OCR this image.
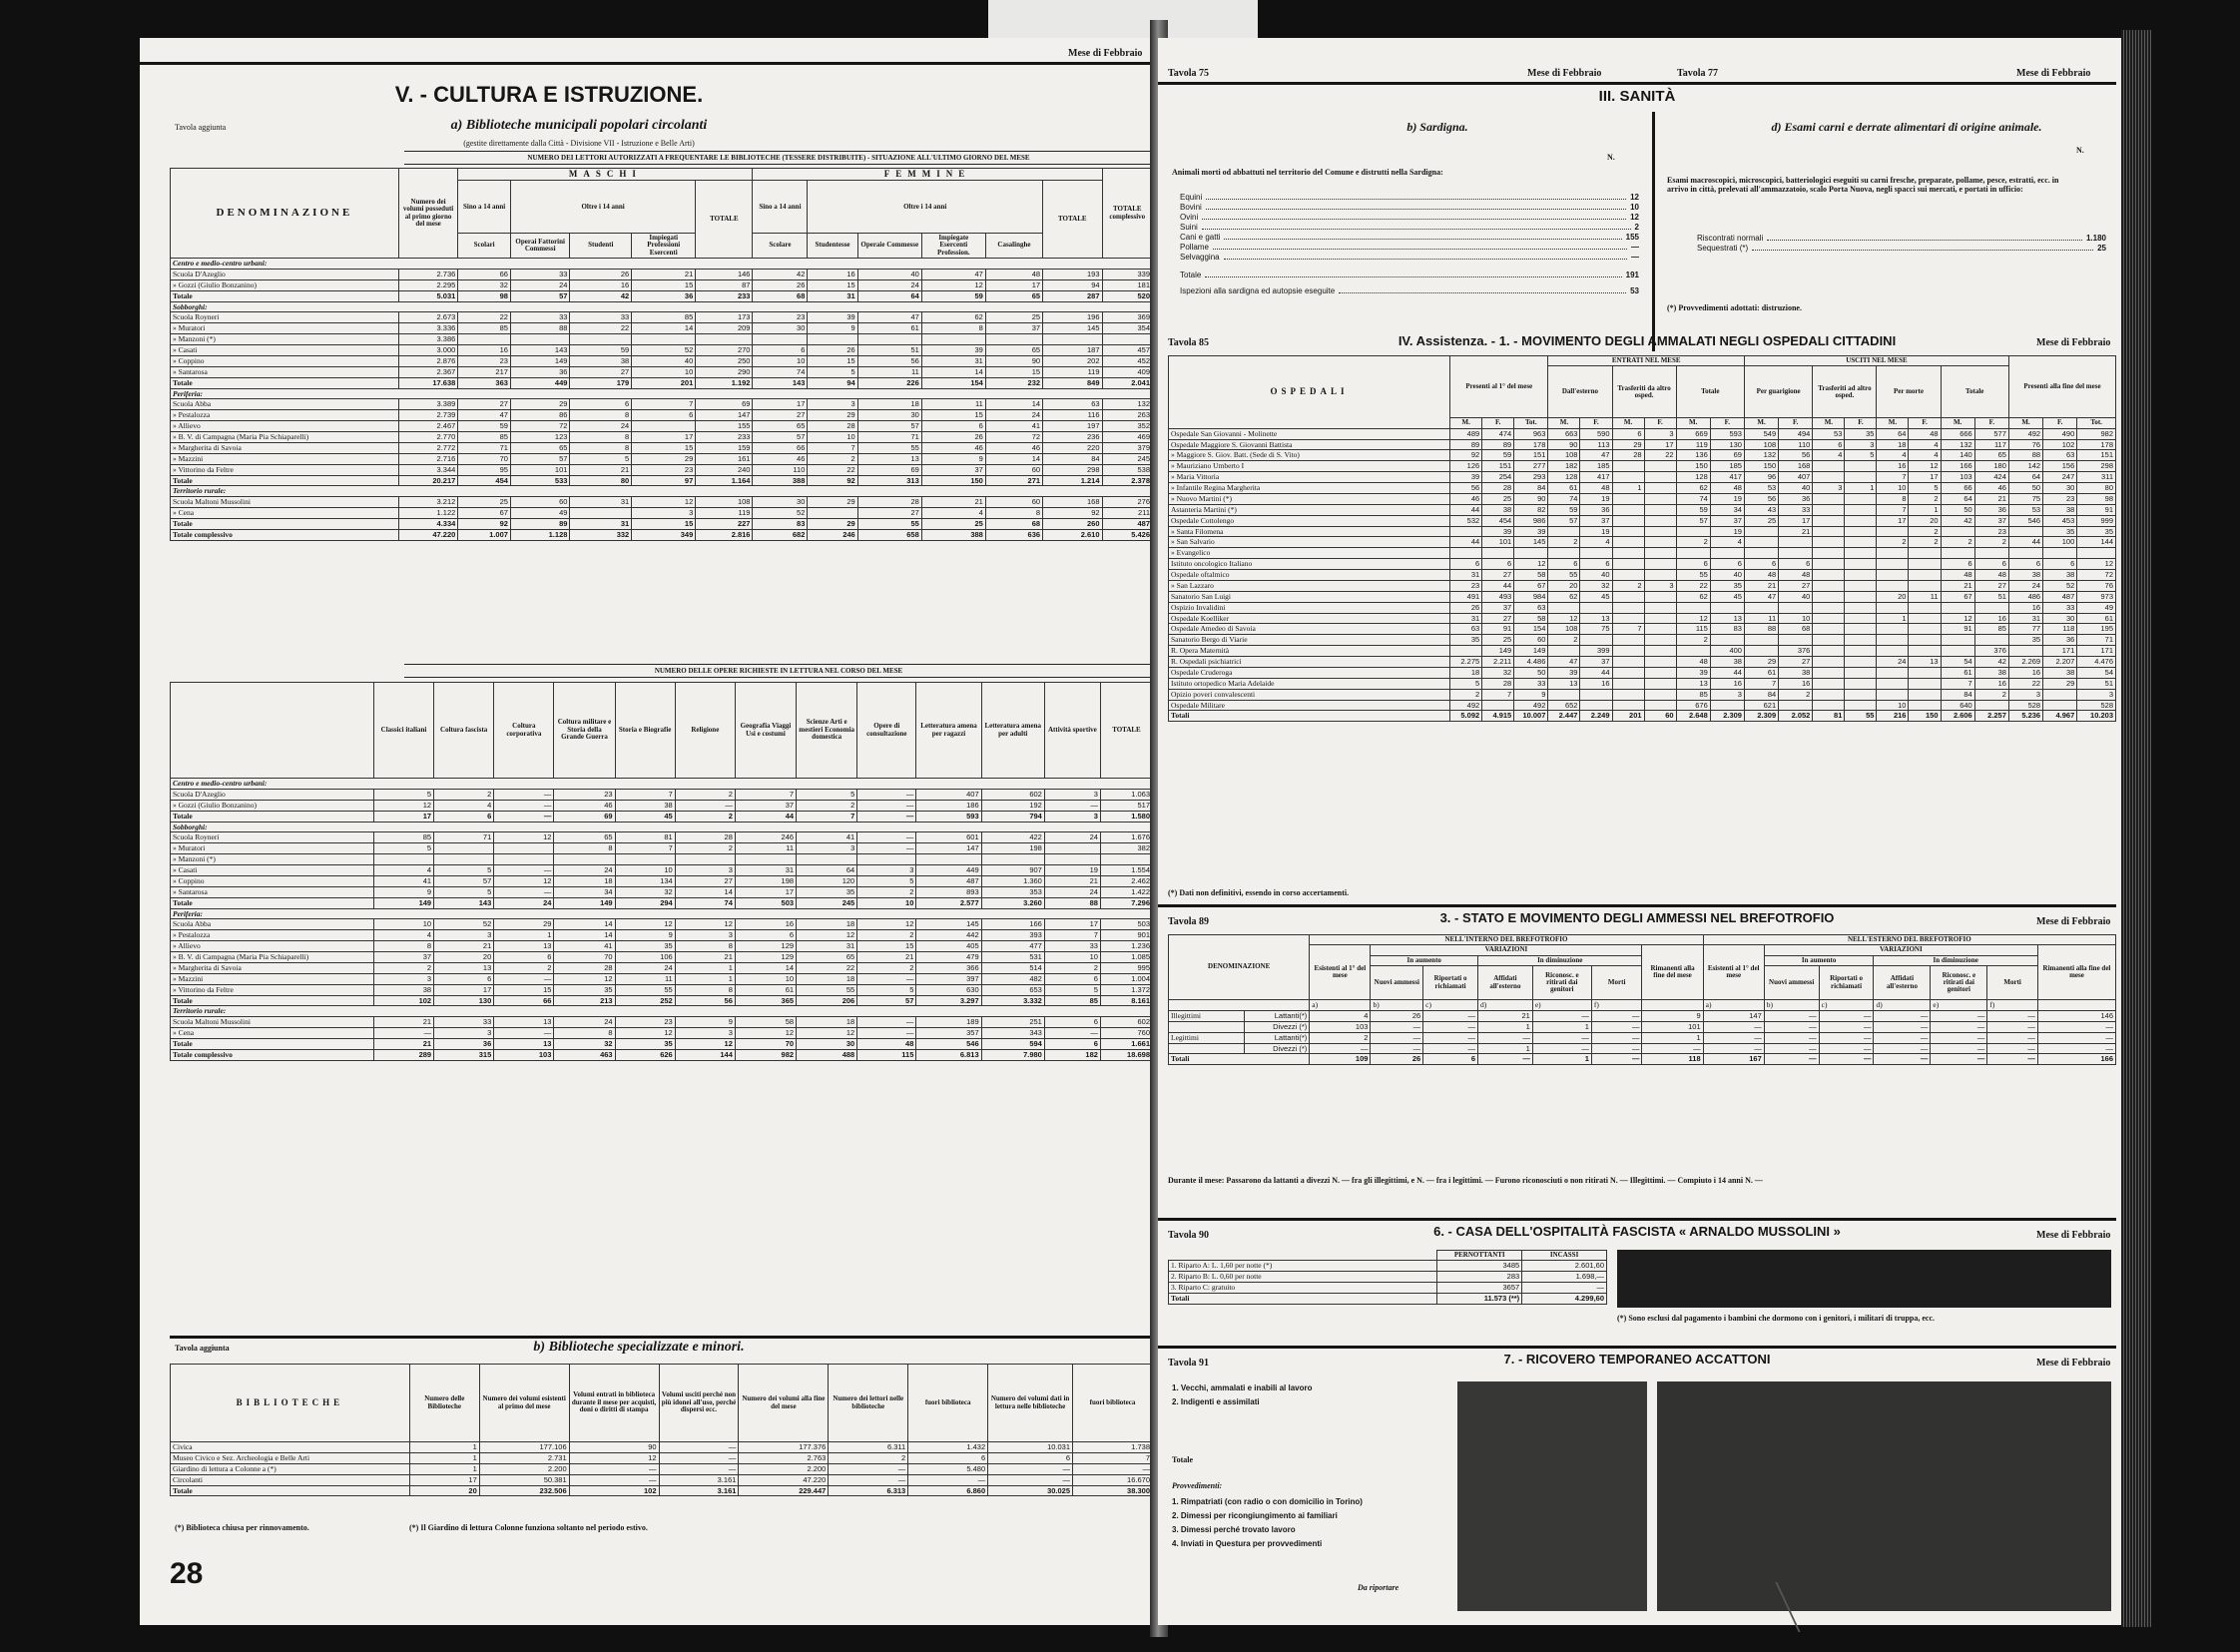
Mese di Febbraio
V. - CULTURA E ISTRUZIONE.
Tavola aggiunta	a) Biblioteche municipali popolari circolanti
(gestite direttamente dalla Città - Divisione VII - Istruzione e Belle Arti)
NUMERO DEI LETTORI AUTORIZZATI A FREQUENTARE LE BIBLIOTECHE (TESSERE DISTRIBUITE) - SITUAZIONE ALL'ULTIMO GIORNO DEL MESE
DENOMINAZIONE	Numero dei volumi posseduti al primo giorno del mese	MASCHI					FEMMINE						TOTALE complessivo
		Sino a 14 anni	Oltre i 14 anni			TOTALE	Sino a 14 anni	Oltre i 14 anni				TOTALE	
		Scolari	Operai Fattorini Commessi	Studenti	Impiegati Professioni Esercenti		Scolare	Studentesse	Operaie Commesse	Impiegate Esercenti Profession.	Casalinghe		
Centro e medio-centro urbani:													
Scuola D'Azeglio	2.736	66	33	26	21	146	42	16	40	47	48	193	339
» Gozzi (Giulio Bonzanino)	2.295	32	24	16	15	87	26	15	24	12	17	94	181
Totale	5.031	98	57	42	36	233	68	31	64	59	65	287	520
Sobborghi:													
Scuola Royneri	2.673	22	33	33	85	173	23	39	47	62	25	196	369
» Muratori	3.336	85	88	22	14	209	30	9	61	8	37	145	354
» Manzoni (*)	3.386												
» Casati	3.000	16	143	59	52	270	6	26	51	39	65	187	457
» Coppino	2.876	23	149	38	40	250	10	15	56	31	90	202	452
» Santarosa	2.367	217	36	27	10	290	74	5	11	14	15	119	409
Totale	17.638	363	449	179	201	1.192	143	94	226	154	232	849	2.041
Periferia:													
Scuola Abba	3.389	27	29	6	7	69	17	3	18	11	14	63	132
» Pestalozza	2.739	47	86	8	6	147	27	29	30	15	24	116	263
» Allievo	2.467	59	72	24		155	65	28	57	6	41	197	352
» B. V. di Campagna (Maria Pia Schiaparelli)	2.770	85	123	8	17	233	57	10	71	26	72	236	469
» Margherita di Savoia	2.772	71	65	8	15	159	66	7	55	46	46	220	379
» Mazzini	2.716	70	57	5	29	161	46	2	13	9	14	84	245
» Vittorino da Feltre	3.344	95	101	21	23	240	110	22	69	37	60	298	538
Totale	20.217	454	533	80	97	1.164	388	92	313	150	271	1.214	2.378
Territorio rurale:													
Scuola Maltoni Mussolini	3.212	25	60	31	12	108	30	29	28	21	60	168	276
» Cena	1.122	67	49		3	119	52		27	4	8	92	211
Totale	4.334	92	89	31	15	227	83	29	55	25	68	260	487
Totale complessivo	47.220	1.007	1.128	332	349	2.816	682	246	658	388	636	2.610	5.426
NUMERO DELLE OPERE RICHIESTE IN LETTURA NEL CORSO DEL MESE
	Classici italiani	Coltura fascista	Coltura corporativa	Coltura militare e Storia della Grande Guerra	Storia e Biografie	Religione	Geografia Viaggi Usi e costumi	Scienze Arti e mestieri Economia domestica	Opere di consultazione	Letteratura amena per ragazzi	Letteratura amena per adulti	Attività sportive	TOTALE
Centro e medio-centro urbani:													
Scuola D'Azeglio	5	2	—	23	7	2	7	5	—	407	602	3	1.063
» Gozzi (Giulio Bonzanino)	12	4	—	46	38	—	37	2	—	186	192	—	517
Totale	17	6	—	69	45	2	44	7	—	593	794	3	1.580
Sobborghi:													
Scuola Royneri	85	71	12	65	81	28	246	41	—	601	422	24	1.676
» Muratori	5			8	7	2	11	3	—	147	198		382
» Manzoni (*)													
» Casati	4	5	—	24	10	3	31	64	3	449	907	19	1.554
» Coppino	41	57	12	18	134	27	198	120	5	487	1.360	21	2.462
» Santarosa	9	5	—	34	32	14	17	35	2	893	353	24	1.422
Totale	149	143	24	149	294	74	503	245	10	2.577	3.260	88	7.296
Periferia:													
Scuola Abba	10	52	29	14	12	12	16	18	12	145	166	17	503
» Pestalozza	4	3	1	14	9	3	6	12	2	442	393	7	901
» Allievo	8	21	13	41	35	8	129	31	15	405	477	33	1.236
» B. V. di Campagna (Maria Pia Schiaparelli)	37	20	6	70	106	21	129	65	21	479	531	10	1.085
» Margherita di Savoia	2	13	2	28	24	1	14	22	2	366	514	2	995
» Mazzini	3	6	—	12	11	1	10	18	—	397	482	6	1.004
» Vittorino da Feltre	38	17	15	35	55	8	61	55	5	630	653	5	1.372
Totale	102	130	66	213	252	56	365	206	57	3.297	3.332	85	8.161
Territorio rurale:													
Scuola Maltoni Mussolini	21	33	13	24	23	9	58	18	—	189	251	6	602
» Cena	—	3	—	8	12	3	12	12	—	357	343	—	760
Totale	21	36	13	32	35	12	70	30	48	546	594	6	1.661
Totale complessivo	289	315	103	463	626	144	982	488	115	6.813	7.980	182	18.698
Tavola aggiunta	b) Biblioteche specializzate e minori.
BIBLIOTECHE	Numero delle Biblioteche	Numero dei volumi esistenti al primo del mese	Volumi entrati in biblioteca durante il mese per acquisti, doni o diritti di stampa	Volumi usciti perché non più idonei all'uso, perché dispersi ecc.	Numero dei volumi alla fine del mese	Numero dei lettori nelle biblioteche	fuori biblioteca	Numero dei volumi dati in lettura nelle biblioteche	fuori biblioteca
Civica	1	177.106	90	—	177.376	6.311	1.432	10.031	1.738
Museo Civico e Sez. Archeologia e Belle Arti	1	2.731	12	—	2.763	2	6	6	7
Giardino di lettura a Colonne a (*)	1	2.200	—	—	2.200	—	5.480	—	—
Circolanti	17	50.381	—	3.161	47.220	—	—	—	16.670
Totale	20	232.506	102	3.161	229.447	6.313	6.860	30.025	38.300
(*) Biblioteca chiusa per rinnovamento.	(*) Il Giardino di lettura Colonne funziona soltanto nel periodo estivo.
28
Tavola 75	Mese di Febbraio	Tavola 77	Mese di Febbraio
III. SANITÀ
b) Sardigna.
Animali morti od abbattuti nel territorio del Comune e distrutti nella Sardigna:
N.
Equini	12
Bovini	10
Ovini	12
Suini	2
Cani e gatti	155
Pollame	—
Selvaggina	—
Totale	191
Ispezioni alla sardigna ed autopsie eseguite	53
d) Esami carni e derrate alimentari di origine animale.
N.
Esami macroscopici, microscopici, batteriologici eseguiti su carni fresche, preparate, pollame, pesce, estratti, ecc. in arrivo in città, prelevati all'ammazzatoio, scalo Porta Nuova, negli spacci sui mercati, e portati in ufficio:
Riscontrati normali	1.180
Sequestrati (*)	25
(*) Provvedimenti adottati: distruzione.
Tavola 85	IV. Assistenza. - 1. - MOVIMENTO DEGLI AMMALATI NEGLI OSPEDALI CITTADINI	Mese di Febbraio
OSPEDALI	Presenti al 1° del mese			ENTRATI NEL MESE						USCITI NEL MESE								Presenti alla fine del mese		
				Dall'esterno		Trasferiti da altro osped.		Totale		Per guarigione		Trasferiti ad altro osped.		Per morte		Totale				
	M.	F.	Tot.	M.	F.	M.	F.	M.	F.	M.	F.	M.	F.	M.	F.	M.	F.	M.	F.	Tot.
Ospedale San Giovanni - Molinette	489	474	963	663	590	6	3	669	593	549	494	53	35	64	48	666	577	492	490	982
Ospedale Maggiore S. Giovanni Battista	89	89	178	90	113	29	17	119	130	108	110	6	3	18	4	132	117	76	102	178
» Maggiore S. Giov. Batt. (Sede di S. Vito)	92	59	151	108	47	28	22	136	69	132	56	4	5	4	4	140	65	88	63	151
» Mauriziano Umberto I	126	151	277	182	185			150	185	150	168			16	12	166	180	142	156	298
» Maria Vittoria	39	254	293	128	417			128	417	96	407			7	17	103	424	64	247	311
» Infantile Regina Margherita	56	28	84	61	48	1		62	48	53	40	3	1	10	5	66	46	50	30	80
» Nuovo Martini (*)	46	25	90	74	19			74	19	56	36			8	2	64	21	75	23	98
Astanteria Martini (*)	44	38	82	59	36			59	34	43	33			7	1	50	36	53	38	91
Ospedale Cottolengo	532	454	986	57	37			57	37	25	17			17	20	42	37	546	453	999
» Santa Filomena		39	39		19				19		21				2		23		35	35
» San Salvario	44	101	145	2	4			2	4					2	2	2	2	44	100	144
» Evangelico																				
Istituto oncologico Italiano	6	6	12	6	6			6	6	6	6					6	6	6	6	12
Ospedale oftalmico	31	27	58	55	40			55	40	48	48					48	48	38	38	72
» San Lazzaro	23	44	67	20	32	2	3	22	35	21	27					21	27	24	52	76
Sanatorio San Luigi	491	493	984	62	45			62	45	47	40			20	11	67	51	486	487	973
Ospizio Invalidini	26	37	63															16	33	49
Ospedale Koelliker	31	27	58	12	13			12	13	11	10			1		12	16	31	30	61
Ospedale Amedeo di Savoia	63	91	154	108	75	7		115	83	88	68					91	85	77	118	195
Sanatorio Bergo di Viarie	35	25	60	2				2										35	36	71
R. Opera Maternità		149	149		399				400		376						376		171	171
R. Ospedali psichiatrici	2.275	2.211	4.486	47	37			48	38	29	27			24	13	54	42	2.269	2.207	4.476
Ospedale Cruderoga	18	32	50	39	44			39	44	61	38					61	38	16	38	54
Istituto ortopedico Maria Adelaide	5	28	33	13	16			13	16	7	16					7	16	22	29	51
Opizio poveri convalescenti	2	7	9					85	3	84	2					84	2	3		3
Ospedale Militare	492		492	652				676		621				10		640		528		528
Totali	5.092	4.915	10.007	2.447	2.249	201	60	2.648	2.309	2.309	2.052	81	55	216	150	2.606	2.257	5.236	4.967	10.203
(*) Dati non definitivi, essendo in corso accertamenti.
Tavola 89	3. - STATO E MOVIMENTO DEGLI AMMESSI NEL BREFOTROFIO	Mese di Febbraio
DENOMINAZIONE		NELL'INTERNO DEL BREFOTROFIO							NELL'ESTERNO DEL BREFOTROFIO						
		Esistenti al 1° del mese	VARIAZIONI					Rimanenti alla fine del mese	Esistenti al 1° del mese	VARIAZIONI					Rimanenti alla fine del mese
			In aumento		In diminuzione					In aumento		In diminuzione			
			Nuovi ammessi	Riportati o richiamati	Affidati all'esterno	Riconosc. e ritirati dai genitori	Morti			Nuovi ammessi	Riportati o richiamati	Affidati all'esterno	Riconosc. e ritirati dai genitori	Morti	
		a)	b)	c)	d)	e)	f)		a)	b)	c)	d)	e)	f)	
Illegittimi	Lattanti(*)	4	26	—	21	—	—	9	147	—	—	—	—	—	146
	Divezzi (*)	103	—	—	1	1	—	101	—	—	—	—	—	—	—
Legittimi	Lattanti(*)	2	—	—	—	—	—	1	—	—	—	—	—	—	—
	Divezzi (*)	—	—	—	1	—	—	—	—	—	—	—	—	—	—
Totali		109	26	6	—	1	—	118	167	—	—	—	—	—	166
Durante il mese: Passarono da lattanti a divezzi N. — fra gli illegittimi, e N. — fra i legittimi. — Furono riconosciuti o non ritirati N. — Illegittimi. — Compiuto i 14 anni N. —
Tavola 90	6. - CASA DELL'OSPITALITÀ FASCISTA « ARNALDO MUSSOLINI »	Mese di Febbraio
	PERNOTTANTI	INCASSI
1. Riparto A: L. 1,60 per notte (*)	3485	2.601,60
2. Riparto B: L. 0,60 per notte	283	1.698,—
3. Riparto C: gratuito	3657	—
Totali	11.573 (**)	4.299,60
(*) Sono esclusi dal pagamento i bambini che dormono con i genitori, i militari di truppa, ecc.
Tavola 91	7. - RICOVERO TEMPORANEO ACCATTONI	Mese di Febbraio
1. Vecchi, ammalati e inabili al lavoro
2. Indigenti e assimilati
Totale
Provvedimenti:
1. Rimpatriati (con radio o con domicilio in Torino)
2. Dimessi per ricongiungimento ai familiari
3. Dimessi perché trovato lavoro
4. Inviati in Questura per provvedimenti
Da riportare
